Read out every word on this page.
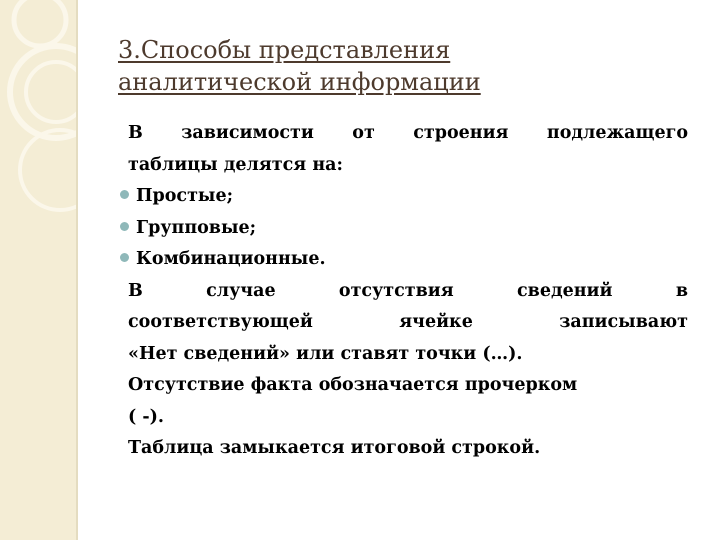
3.Способы представления
аналитической информации
В зависимости от строения подлежащего
таблицы делятся на:
Простые;
Групповые;
Комбинационные.
В случае отсутствия сведений в
соответствующей ячейке записывают
«Нет сведений» или ставят точки (…).
Отсутствие факта обозначается прочерком
( -).
Таблица замыкается итоговой строкой.
